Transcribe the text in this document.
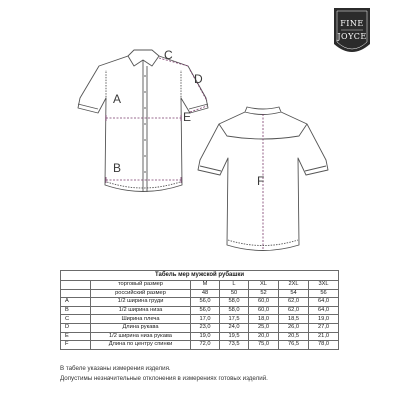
A
B
C
D
E
F
FINE
JOYCE
Табель мер мужской рубашки						
	торговый размер	M	L	XL	2XL	3XL
	российский размер	48	50	52	54	56
A	1/2 ширина груди	56,0	58,0	60,0	62,0	64,0
B	1/2 ширина низа	56,0	58,0	60,0	62,0	64,0
C	Ширина плеча	17,0	17,5	18,0	18,5	19,0
D	Длина рукава	23,0	24,0	25,0	26,0	27,0
E	1/2 ширина низа рукава	19,0	19,5	20,0	20,5	21,0
F	Длина по центру спинки	72,0	73,5	75,0	76,5	78,0
В табеле указаны измерения изделия.
Допустимы незначительные отклонения в измерениях готовых изделий.
